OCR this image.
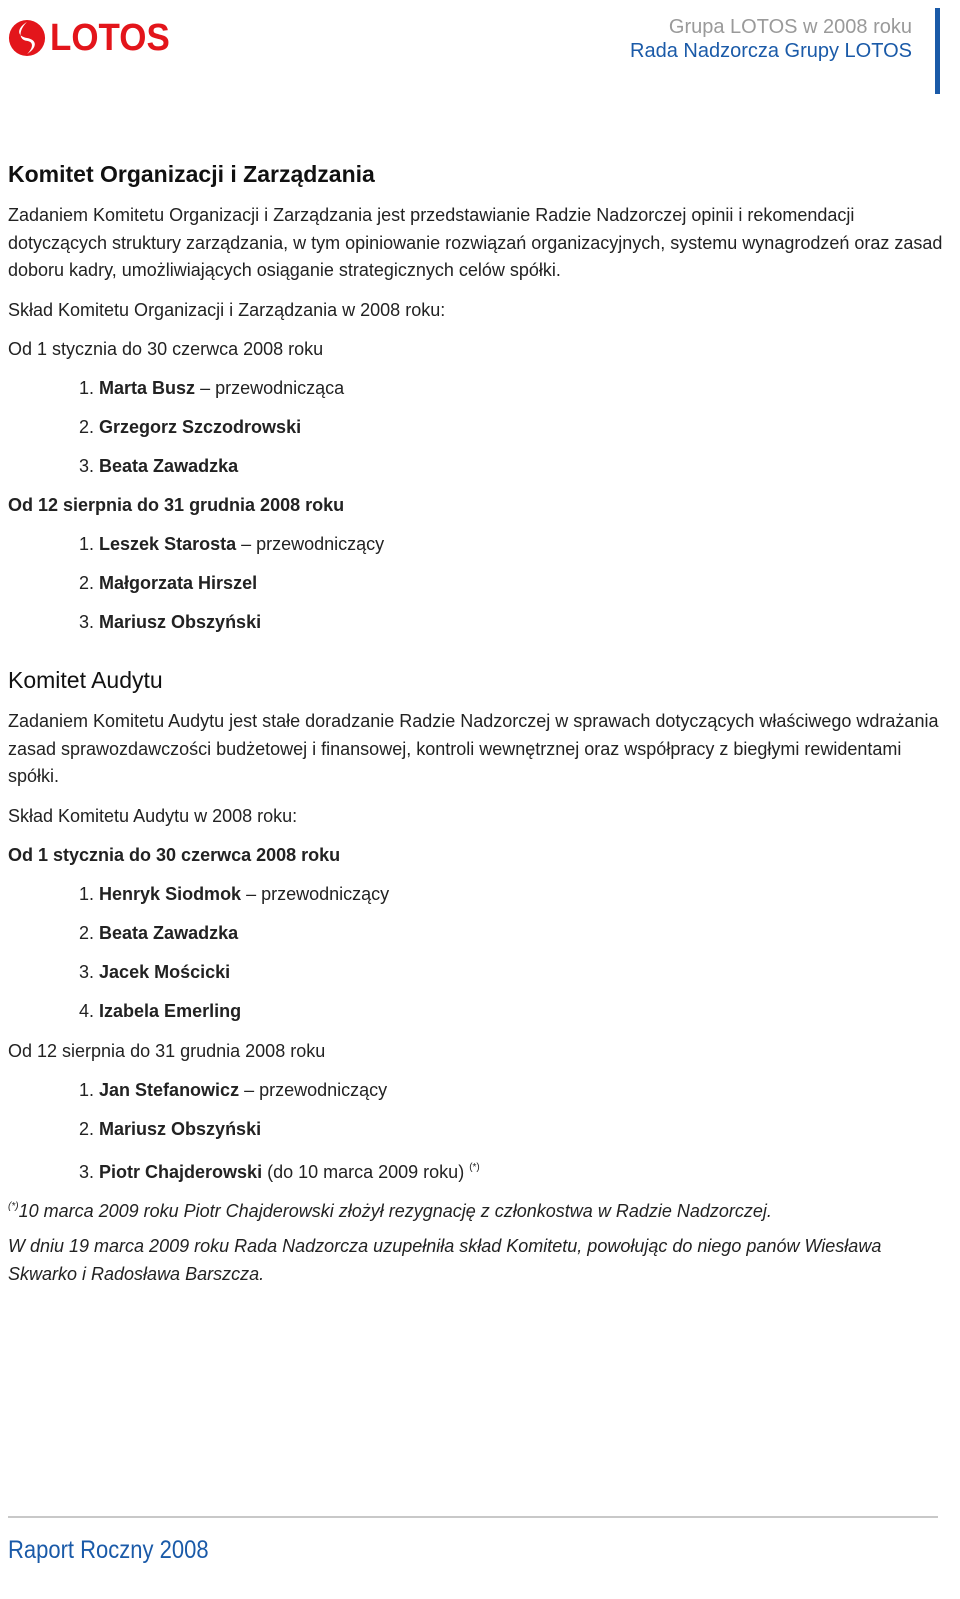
LOTOS	Grupa LOTOS w 2008 roku
Rada Nadzorcza Grupy LOTOS
Komitet Organizacji i Zarządzania
Zadaniem Komitetu Organizacji i Zarządzania jest przedstawianie Radzie Nadzorczej opinii i rekomendacji dotyczących struktury zarządzania, w tym opiniowanie rozwiązań organizacyjnych, systemu wynagrodzeń oraz zasad doboru kadry, umożliwiających osiąganie strategicznych celów spółki.
Skład Komitetu Organizacji i Zarządzania w 2008 roku:
Od 1 stycznia do 30 czerwca 2008 roku
1. Marta Busz – przewodnicząca
2. Grzegorz Szczodrowski
3. Beata Zawadzka
Od 12 sierpnia do 31 grudnia 2008 roku
1. Leszek Starosta – przewodniczący
2. Małgorzata Hirszel
3. Mariusz Obszyński
Komitet Audytu
Zadaniem Komitetu Audytu jest stałe doradzanie Radzie Nadzorczej w sprawach dotyczących właściwego wdrażania zasad sprawozdawczości budżetowej i finansowej, kontroli wewnętrznej oraz współpracy z biegłymi rewidentami spółki.
Skład Komitetu Audytu w 2008 roku:
Od 1 stycznia do 30 czerwca 2008 roku
1. Henryk Siodmok – przewodniczący
2. Beata Zawadzka
3. Jacek Mościcki
4. Izabela Emerling
Od 12 sierpnia do 31 grudnia 2008 roku
1. Jan Stefanowicz – przewodniczący
2. Mariusz Obszyński
3. Piotr Chajderowski (do 10 marca 2009 roku) (*)
(*)10 marca 2009 roku Piotr Chajderowski złożył rezygnację z członkostwa w Radzie Nadzorczej.
W dniu 19 marca 2009 roku Rada Nadzorcza uzupełniła skład Komitetu, powołując do niego panów Wiesława Skwarko i Radosława Barszcza.
Raport Roczny 2008
